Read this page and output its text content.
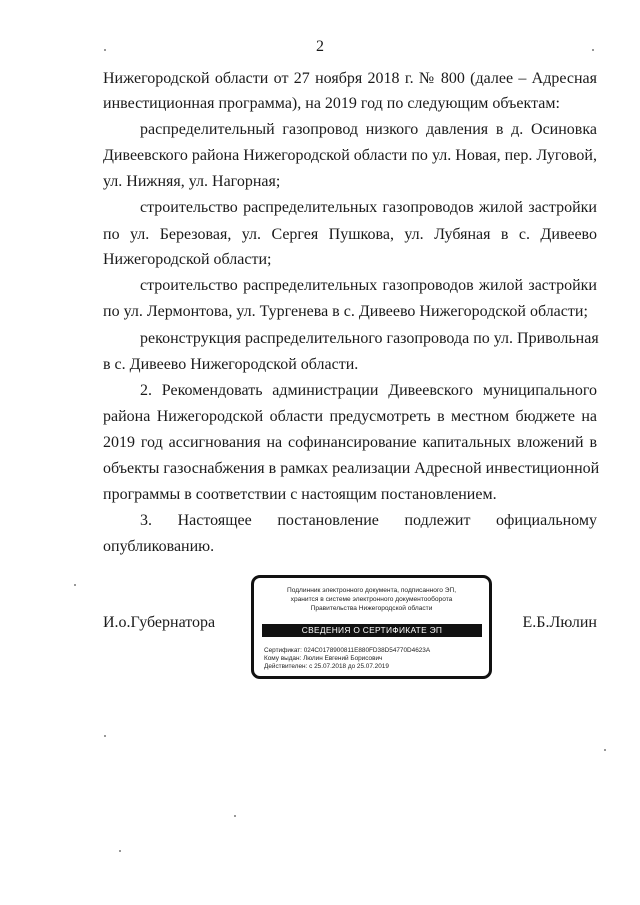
2
Нижегородской области от 27 ноября 2018 г. № 800 (далее – Адресная
инвестиционная программа), на 2019 год по следующим объектам:
распределительный газопровод низкого давления в д. Осиновка
Дивеевского района Нижегородской области по ул. Новая, пер. Луговой,
ул. Нижняя, ул. Нагорная;
строительство распределительных газопроводов жилой застройки
по ул. Березовая, ул. Сергея Пушкова, ул. Лубяная в с. Дивеево
Нижегородской области;
строительство распределительных газопроводов жилой застройки
по ул. Лермонтова, ул. Тургенева в с. Дивеево Нижегородской области;
реконструкция распределительного газопровода по ул. Привольная
в с. Дивеево Нижегородской области.
2. Рекомендовать администрации Дивеевского муниципального
района Нижегородской области предусмотреть в местном бюджете на
2019 год ассигнования на софинансирование капитальных вложений в
объекты газоснабжения в рамках реализации Адресной инвестиционной
программы в соответствии с настоящим постановлением.
3. Настоящее постановление подлежит официальному
опубликованию.
И.о.Губернатора	Е.Б.Люлин
Подлинник электронного документа, подписанного ЭП,
хранится в системе электронного документооборота
Правительства Нижегородской области
СВЕДЕНИЯ О СЕРТИФИКАТЕ ЭП
Сертификат: 024C0178900811E880FD38D54770D4623A
Кому выдан: Люлин Евгений Борисович
Действителен: с 25.07.2018 до 25.07.2019
